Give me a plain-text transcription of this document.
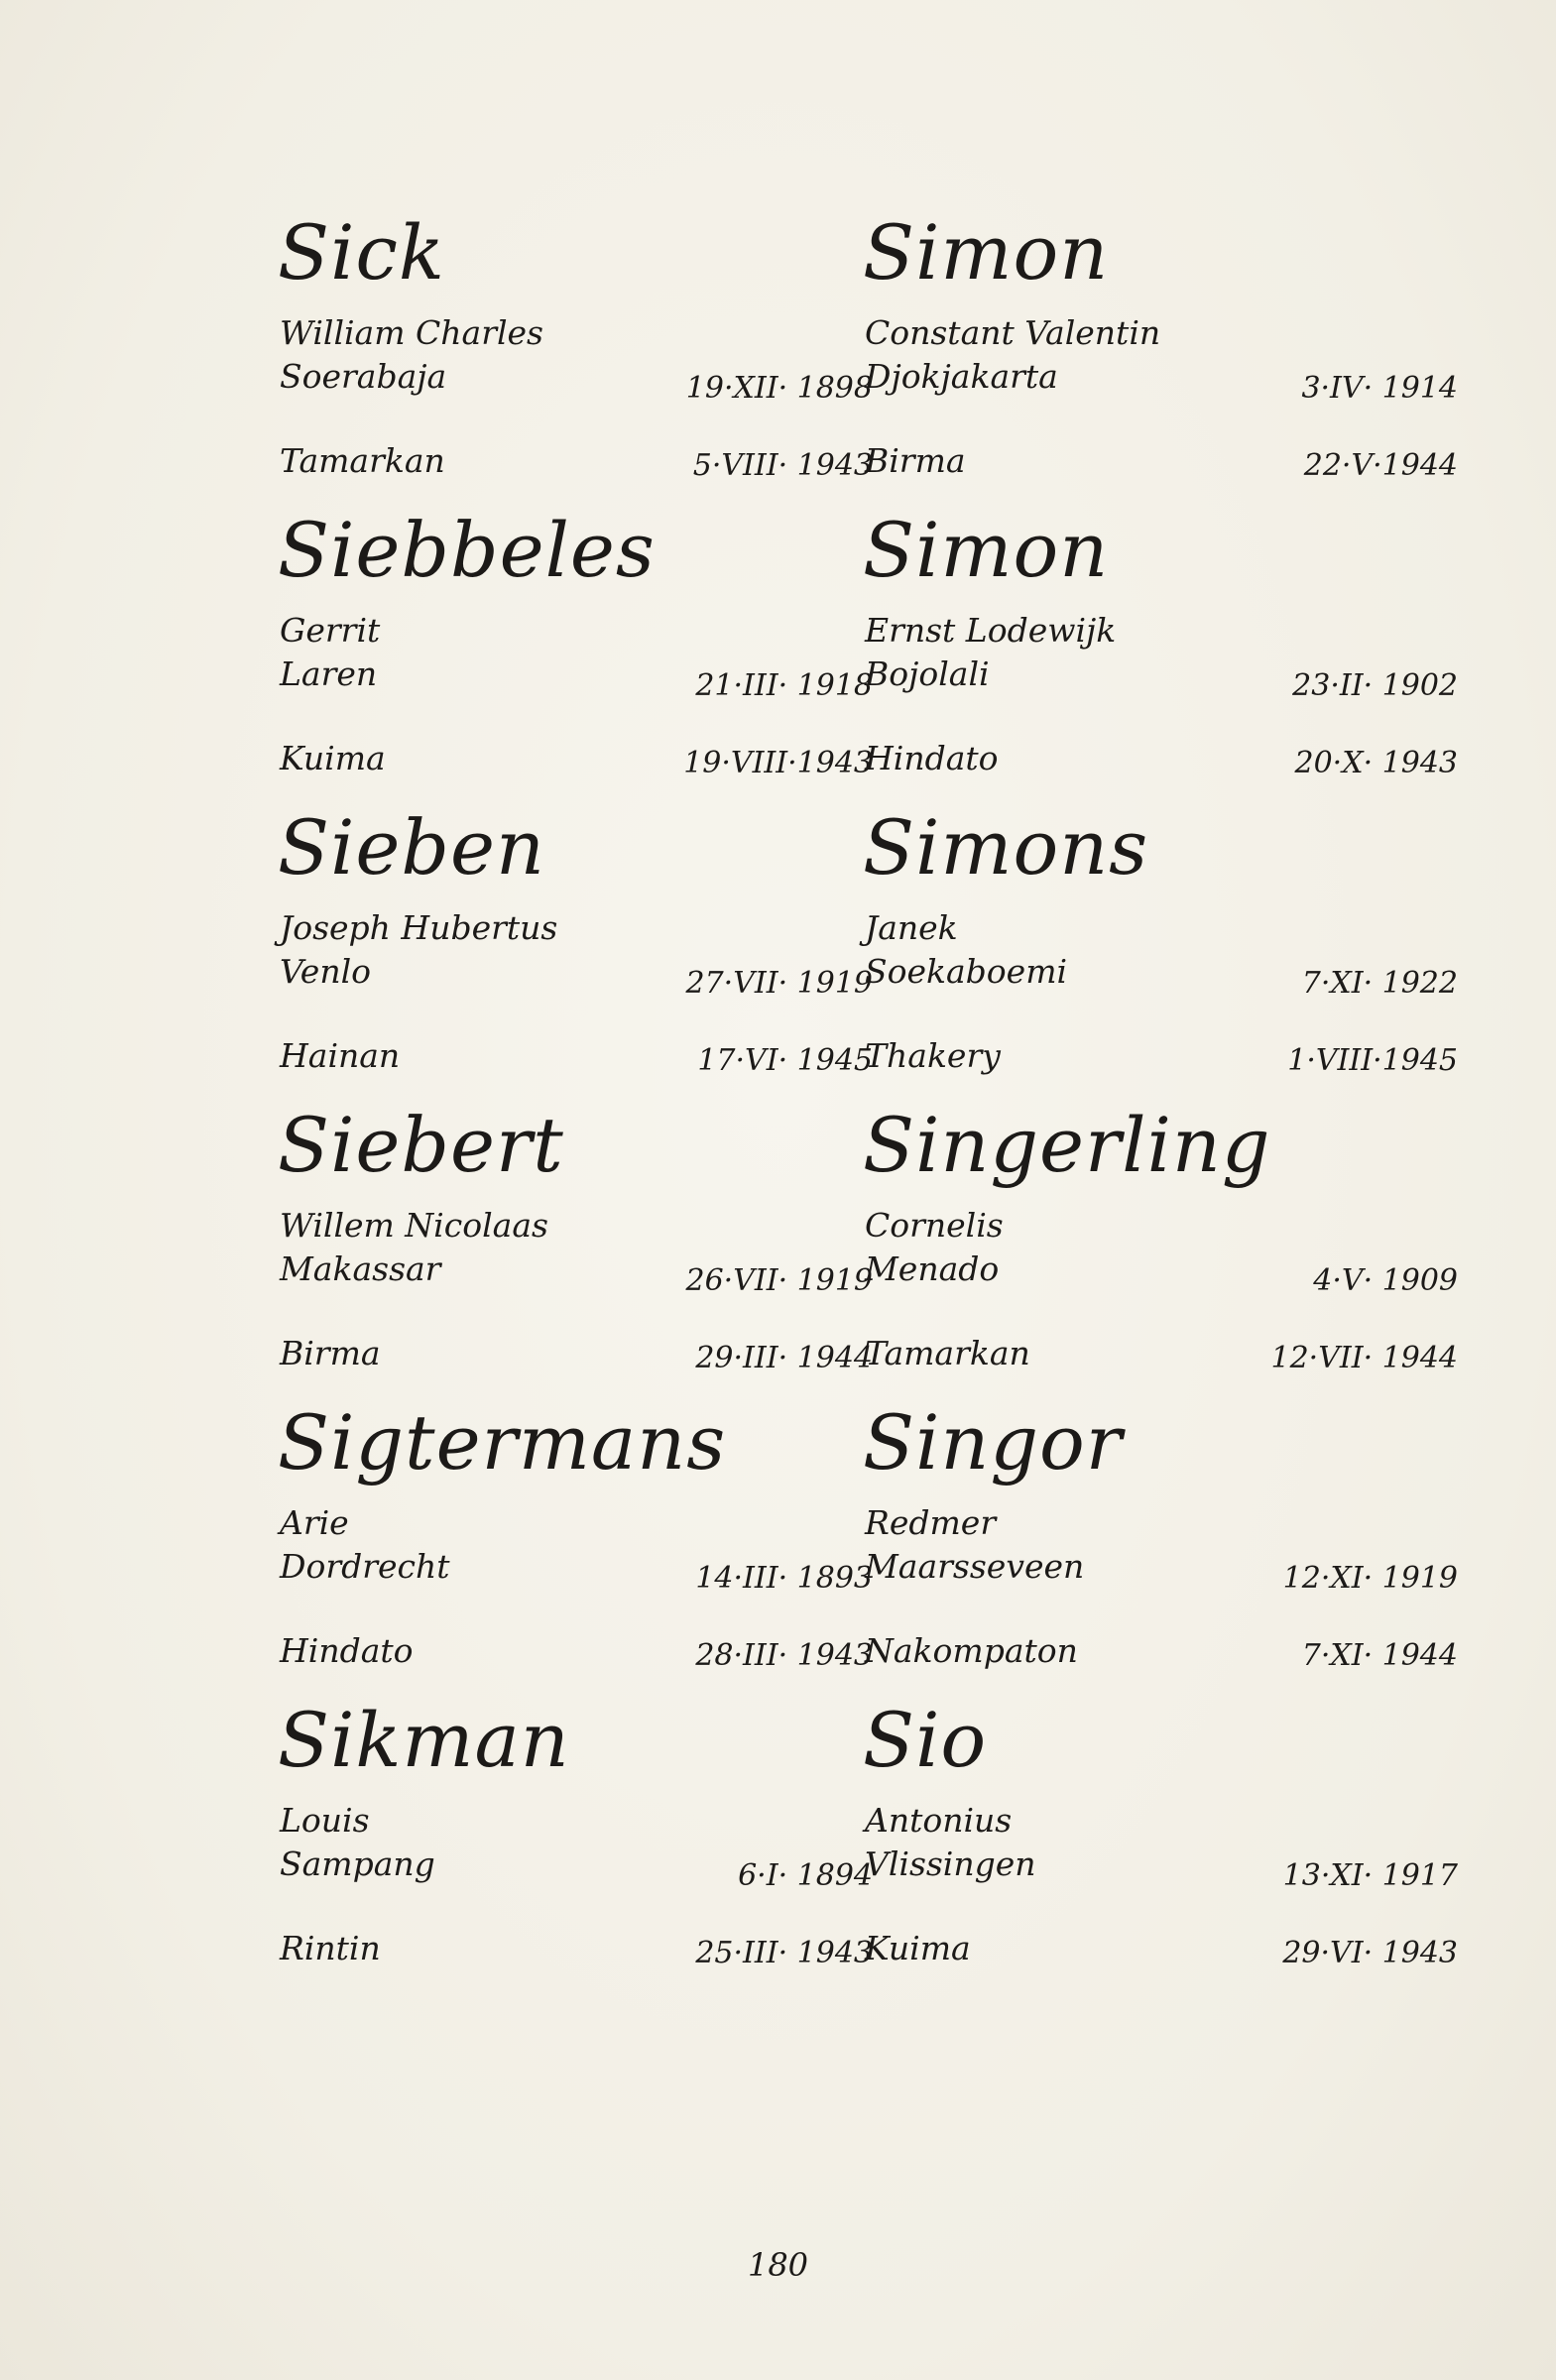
Sick
William Charles
Soerabaja	19·XII· 1898
Tamarkan	5·VIII· 1943
Siebbeles
Gerrit
Laren	21·III· 1918
Kuima	19·VIII·1943
Sieben
Joseph Hubertus
Venlo	27·VII· 1919
Hainan	17·VI· 1945
Siebert
Willem Nicolaas
Makassar	26·VII· 1919
Birma	29·III· 1944
Sigtermans
Arie
Dordrecht	14·III· 1893
Hindato	28·III· 1943
Sikman
Louis
Sampang	6·I· 1894
Rintin	25·III· 1943
Simon
Constant Valentin
Djokjakarta	3·IV· 1914
Birma	22·V·1944
Simon
Ernst Lodewijk
Bojolali	23·II· 1902
Hindato	20·X· 1943
Simons
Janek
Soekaboemi	7·XI· 1922
Thakery	1·VIII·1945
Singerling
Cornelis
Menado	4·V· 1909
Tamarkan	12·VII· 1944
Singor
Redmer
Maarsseveen	12·XI· 1919
Nakompaton	7·XI· 1944
Sio
Antonius
Vlissingen	13·XI· 1917
Kuima	29·VI· 1943
180
